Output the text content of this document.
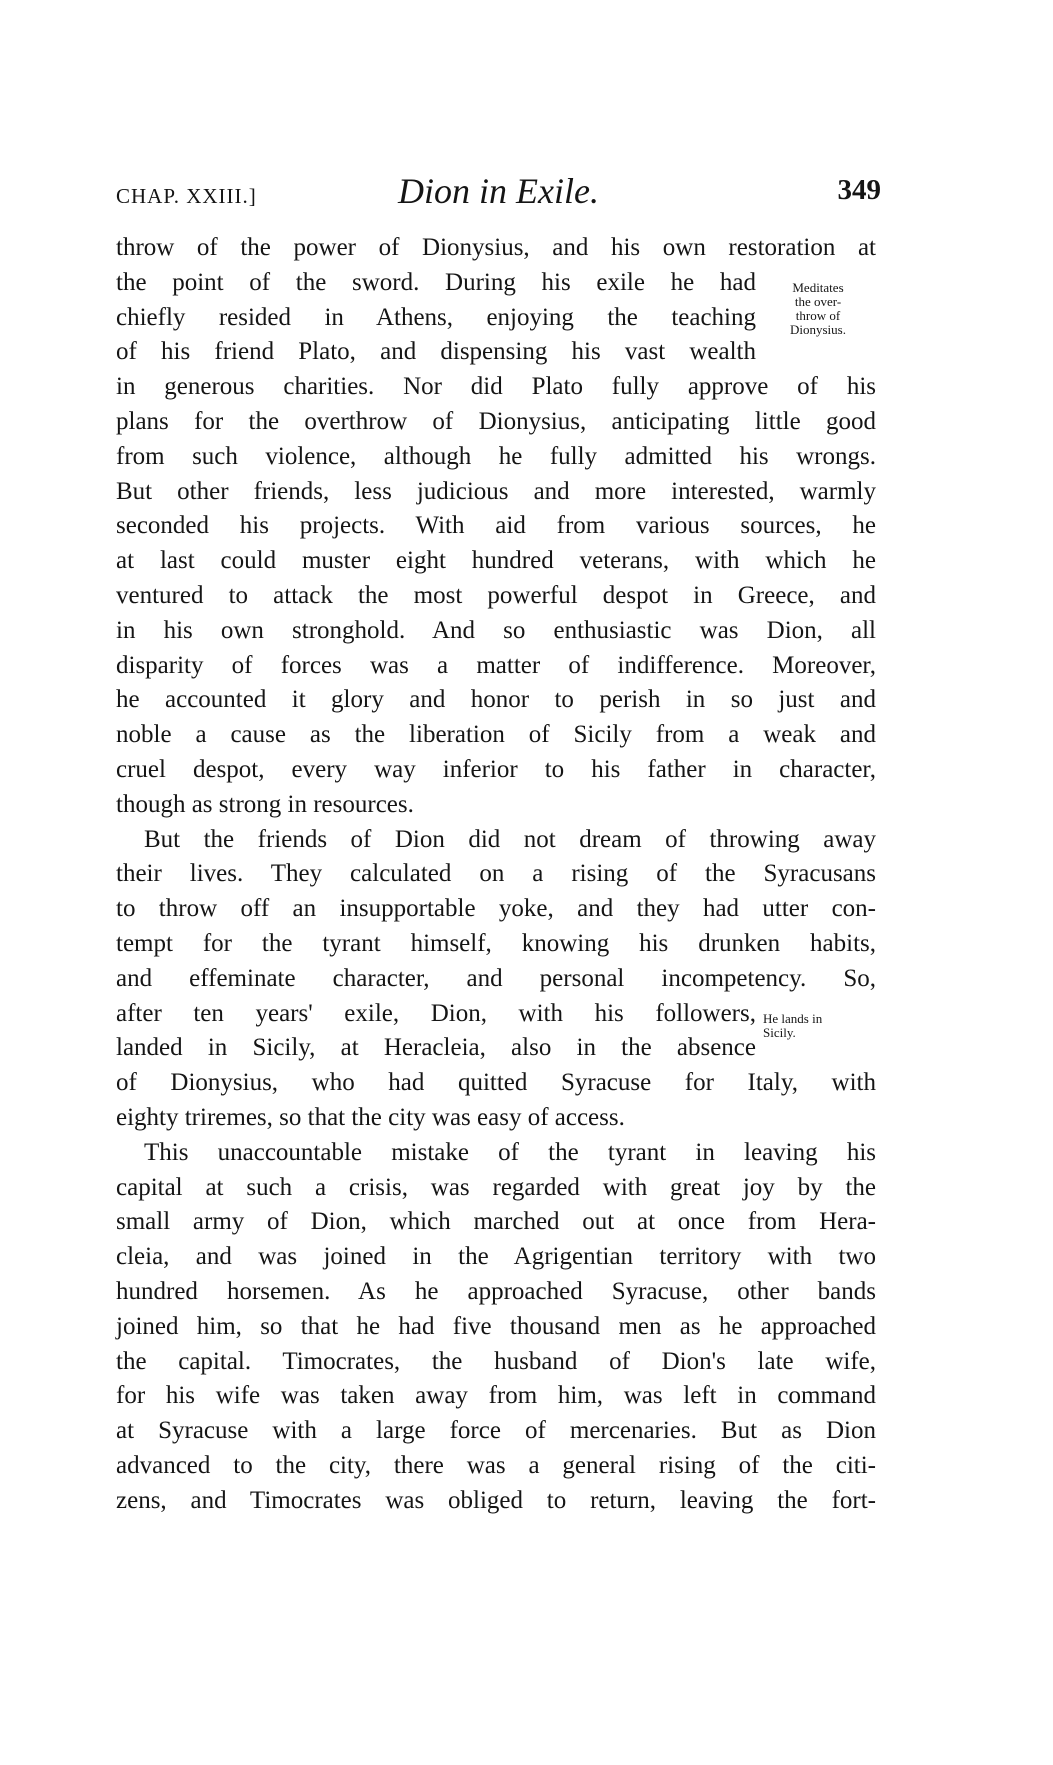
CHAP. XXIII.]	Dion in Exile.	349
throw of the power of Dionysius, and his own restoration at
the point of the sword. During his exile he had
chiefly resided in Athens, enjoying the teaching
of his friend Plato, and dispensing his vast wealth
in generous charities. Nor did Plato fully approve of his
plans for the overthrow of Dionysius, anticipating little good
from such violence, although he fully admitted his wrongs.
But other friends, less judicious and more interested, warmly
seconded his projects. With aid from various sources, he
at last could muster eight hundred veterans, with which he
ventured to attack the most powerful despot in Greece, and
in his own stronghold. And so enthusiastic was Dion, all
disparity of forces was a matter of indifference. Moreover,
he accounted it glory and honor to perish in so just and
noble a cause as the liberation of Sicily from a weak and
cruel despot, every way inferior to his father in character,
though as strong in resources.
But the friends of Dion did not dream of throwing away
their lives. They calculated on a rising of the Syracusans
to throw off an insupportable yoke, and they had utter con-
tempt for the tyrant himself, knowing his drunken habits,
and effeminate character, and personal incompetency. So,
after ten years' exile, Dion, with his followers,
landed in Sicily, at Heracleia, also in the absence
of Dionysius, who had quitted Syracuse for Italy, with
eighty triremes, so that the city was easy of access.
This unaccountable mistake of the tyrant in leaving his
capital at such a crisis, was regarded with great joy by the
small army of Dion, which marched out at once from Hera-
cleia, and was joined in the Agrigentian territory with two
hundred horsemen. As he approached Syracuse, other bands
joined him, so that he had five thousand men as he approached
the capital. Timocrates, the husband of Dion's late wife,
for his wife was taken away from him, was left in command
at Syracuse with a large force of mercenaries. But as Dion
advanced to the city, there was a general rising of the citi-
zens, and Timocrates was obliged to return, leaving the fort-
Meditates
the over-
throw of
Dionysius.
He lands in
Sicily.
